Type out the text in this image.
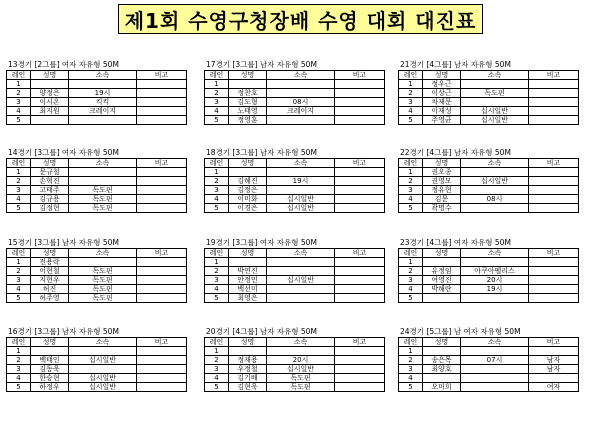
제1회 수영구청장배 수영 대회 대진표
13경기 [2그룹] 여자 자유형 50M
레인	성명	소속	비고
1			
2	양정은	19시	
3	이시온	킥킥	
4	최지원	크레이지	
5			
17경기 [3그룹] 남자 자유형 50M
레인	성명	소속	비고
1			
2	정찬호		
3	김도형	08시	
4	노태영	크레이지	
5	정영훈		
21경기 [4그룹] 남자 자유형 50M
레인	성명	소속	비고
1	정우근		
2	이상근	독도핀	
3	차재문		
4	이재성	십시일반	
5	주영균	십시일반	
14경기 [3그룹] 여자 자유형 50M
레인	성명	소속	비고
1	문규철		
2	손혁진		
3	고태주	독도핀	
4	김규용	독도핀	
5	김정현	독도핀	
18경기 [3그룹] 남자 자유형 50M
레인	성명	소속	비고
1			
2	김해진	19시	
3	김정은		
4	이미화	십시일반	
5	이경은	십시일반	
22경기 [4그룹] 남자 자유형 50M
레인	성명	소속	비고
1	권오종		
2	권영모	십시일반	
3	정유현		
4	김문	08시	
5	곽명수		
15경기 [3그룹] 남자 자유형 50M
레인	성명	소속	비고
1	전용락		
2	이현철	독도핀	
3	지현우	독도핀	
4	허진	독도핀	
5	허주영	독도핀	
19경기 [3그룹] 여자 자유형 50M
레인	성명	소속	비고
1			
2	박연진		
3	안정민	십시일반	
4	백선미		
5	최영은		
23경기 [4그룹] 여자 자유형 50M
레인	성명	소속	비고
1			
2	유정임	아쿠아펠리스	
3	여영진	20시	
4	박해란	19시	
5			
16경기 [3그룹] 남자 자유형 50M
레인	성명	소속	비고
1			
2	백태인	십시일반	
3	김동욱		
4	한승현	십시일반	
5	하정우	십시일반	
20경기 [4그룹] 남자 자유형 50M
레인	성명	소속	비고
1			
2	정재용	20시	
3	우정철	십시일반	
4	김기배	독도핀	
5	김현욱	독도핀	
24경기 [5그룹] 남 여자 자유형 50M
레인	성명	소속	비고
1			
2	송은목	07시	남자
3	최양호		남자
4			
5	오미희		여자
